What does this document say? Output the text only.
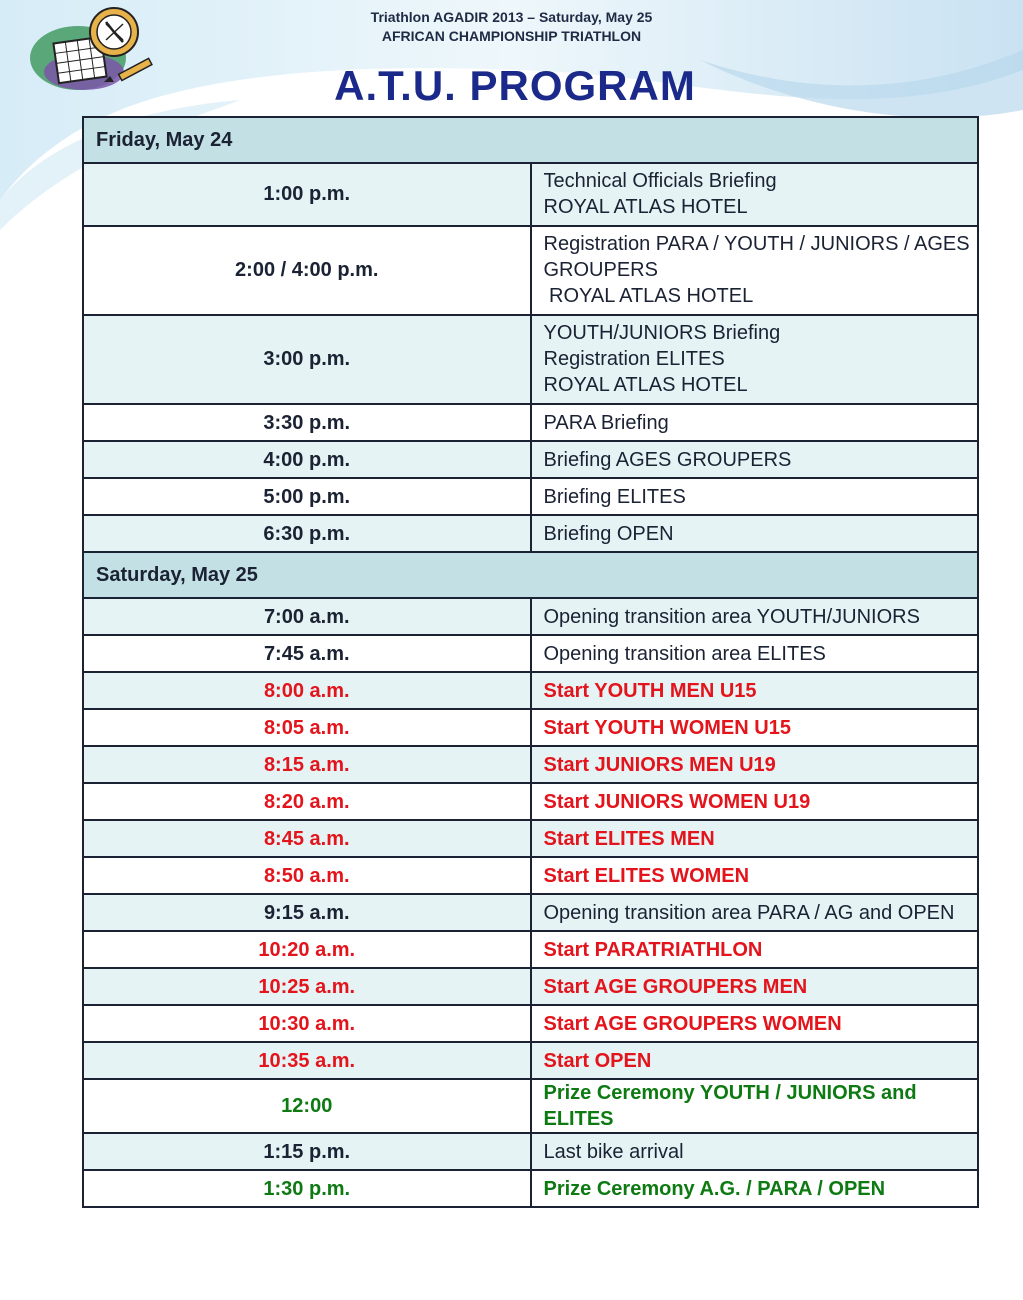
Triathlon AGADIR 2013 – Saturday, May 25
AFRICAN CHAMPIONSHIP TRIATHLON
A.T.U. PROGRAM
Friday, May 24	
1:00 p.m.	Technical Officials Briefing
ROYAL ATLAS HOTEL

2:00 / 4:00 p.m.	Registration PARA / YOUTH / JUNIORS / AGES
GROUPERS
ROYAL ATLAS HOTEL

3:00 p.m.	YOUTH/JUNIORS Briefing
Registration ELITES
ROYAL ATLAS HOTEL

3:30 p.m.	PARA Briefing

4:00 p.m.	Briefing AGES GROUPERS

5:00 p.m.	Briefing ELITES

6:30 p.m.	Briefing OPEN

Saturday, May 25	
7:00 a.m.	Opening transition area YOUTH/JUNIORS
7:45 a.m.	Opening transition area ELITES
8:00 a.m.	Start YOUTH MEN U15
8:05 a.m.	Start YOUTH WOMEN U15
8:15 a.m.	Start JUNIORS MEN U19
8:20 a.m.	Start JUNIORS WOMEN U19
8:45 a.m.	Start ELITES MEN
8:50 a.m.	Start ELITES WOMEN
9:15 a.m.	Opening transition area PARA / AG and OPEN
10:20 a.m.	Start PARATRIATHLON
10:25 a.m.	Start AGE GROUPERS MEN
10:30 a.m.	Start AGE GROUPERS WOMEN
10:35 a.m.	Start OPEN
12:00	Prize Ceremony YOUTH / JUNIORS and ELITES
1:15 p.m.	Last bike arrival
1:30 p.m.	Prize Ceremony A.G. / PARA / OPEN
